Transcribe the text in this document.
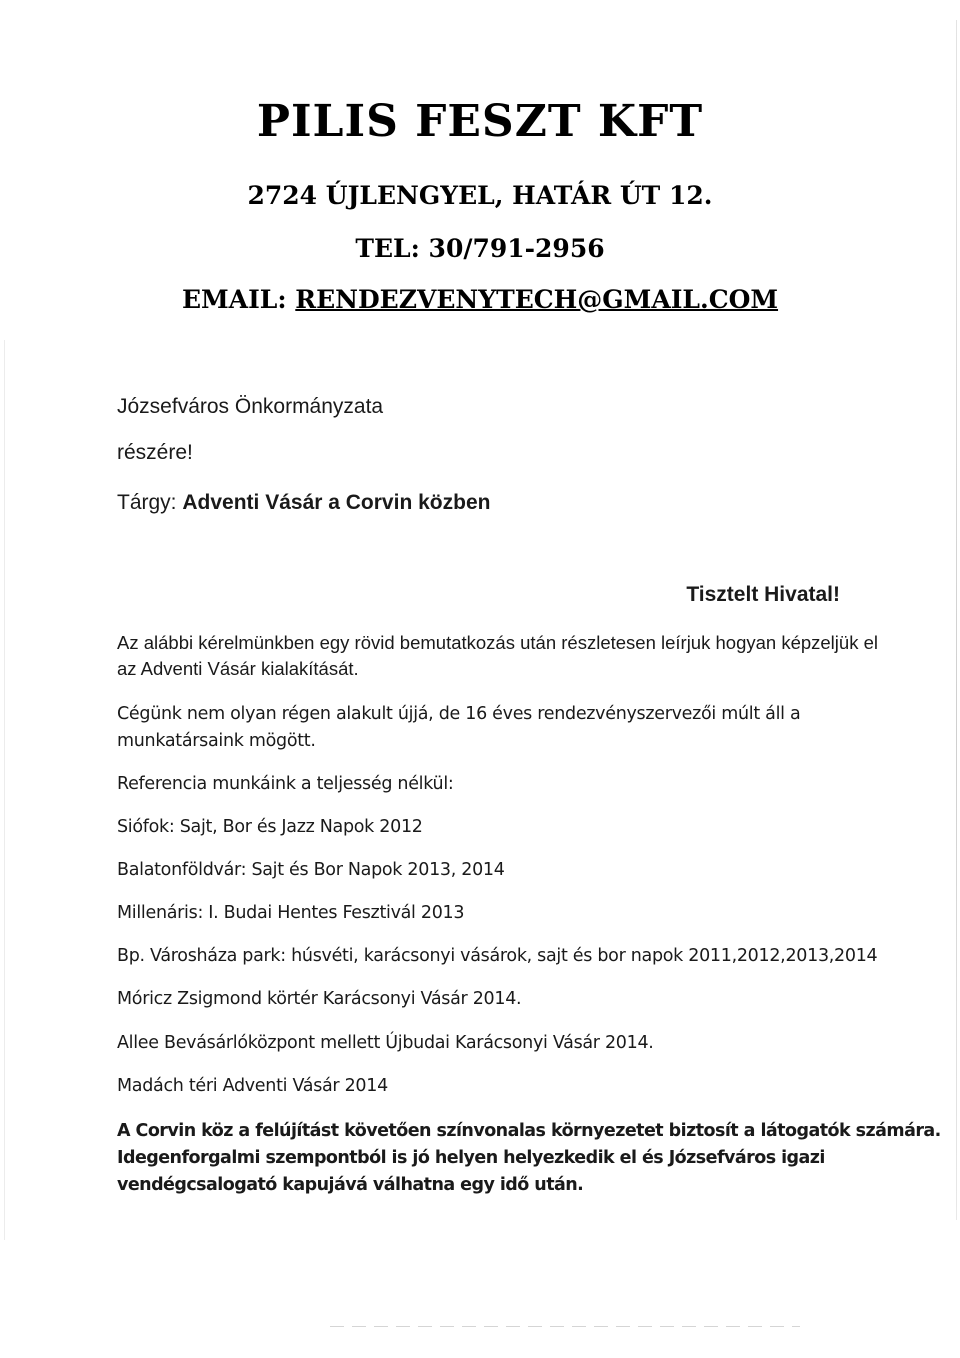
PILIS FESZT KFT

2724 ÚJLENGYEL, HATÁR ÚT 12.

TEL: 30/791-2956

EMAIL: RENDEZVENYTECH@GMAIL.COM

Józsefváros Önkormányzata

részére!

Tárgy: Adventi Vásár a Corvin közben

Tisztelt Hivatal!

Az alábbi kérelmünkben egy rövid bemutatkozás után részletesen leírjuk hogyan képzeljük el

az Adventi Vásár kialakítását.

Cégünk nem olyan régen alakult újjá, de 16 éves rendezvényszervezői múlt áll a

munkatársaink mögött.

Referencia munkáink a teljesség nélkül:

Siófok: Sajt, Bor és Jazz Napok 2012

Balatonföldvár: Sajt és Bor Napok 2013, 2014

Millenáris: I. Budai Hentes Fesztivál 2013

Bp. Városháza park: húsvéti, karácsonyi vásárok, sajt és bor napok 2011,2012,2013,2014

Móricz Zsigmond körtér Karácsonyi Vásár 2014.

Allee Bevásárlóközpont mellett Újbudai Karácsonyi Vásár 2014.

Madách téri Adventi Vásár 2014

A Corvin köz a felújítást követően színvonalas környezetet biztosít a látogatók számára.

Idegenforgalmi szempontból is jó helyen helyezkedik el és Józsefváros igazi

vendégcsalogató kapujává válhatna egy idő után.
